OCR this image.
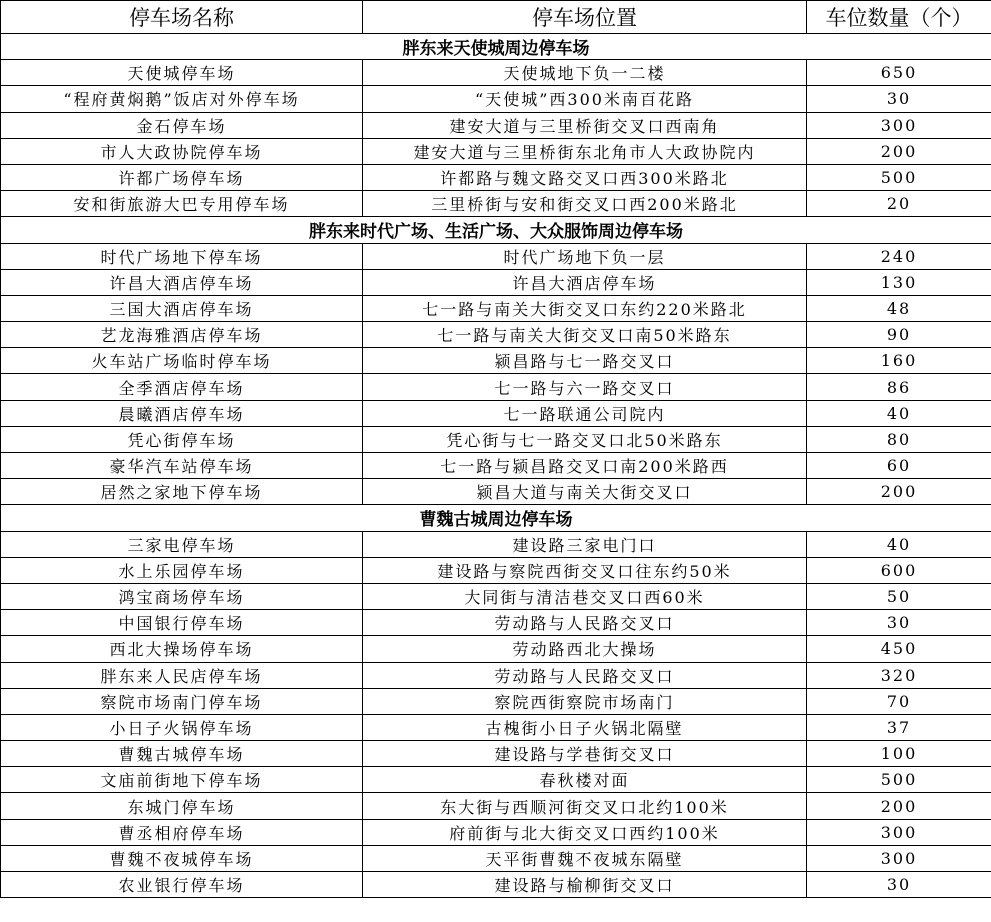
停车场名称	停车场位置	车位数量（个）
胖东来天使城周边停车场		
天使城停车场	天使城地下负一二楼	650
“程府黄焖鹅”饭店对外停车场	“天使城”西300米南百花路	30
金石停车场	建安大道与三里桥街交叉口西南角	300
市人大政协院停车场	建安大道与三里桥街东北角市人大政协院内	200
许都广场停车场	许都路与魏文路交叉口西300米路北	500
安和街旅游大巴专用停车场	三里桥街与安和街交叉口西200米路北	20
胖东来时代广场、生活广场、大众服饰周边停车场		
时代广场地下停车场	时代广场地下负一层	240
许昌大酒店停车场	许昌大酒店停车场	130
三国大酒店停车场	七一路与南关大街交叉口东约220米路北	48
艺龙海雅酒店停车场	七一路与南关大街交叉口南50米路东	90
火车站广场临时停车场	颍昌路与七一路交叉口	160
全季酒店停车场	七一路与六一路交叉口	86
晨曦酒店停车场	七一路联通公司院内	40
凭心街停车场	凭心街与七一路交叉口北50米路东	80
豪华汽车站停车场	七一路与颍昌路交叉口南200米路西	60
居然之家地下停车场	颍昌大道与南关大街交叉口	200
曹魏古城周边停车场		
三家电停车场	建设路三家电门口	40
水上乐园停车场	建设路与察院西街交叉口往东约50米	600
鸿宝商场停车场	大同街与清洁巷交叉口西60米	50
中国银行停车场	劳动路与人民路交叉口	30
西北大操场停车场	劳动路西北大操场	450
胖东来人民店停车场	劳动路与人民路交叉口	320
察院市场南门停车场	察院西街察院市场南门	70
小日子火锅停车场	古槐街小日子火锅北隔壁	37
曹魏古城停车场	建设路与学巷街交叉口	100
文庙前街地下停车场	春秋楼对面	500
东城门停车场	东大街与西顺河街交叉口北约100米	200
曹丞相府停车场	府前街与北大街交叉口西约100米	300
曹魏不夜城停车场	天平街曹魏不夜城东隔壁	300
农业银行停车场	建设路与榆柳街交叉口	30
